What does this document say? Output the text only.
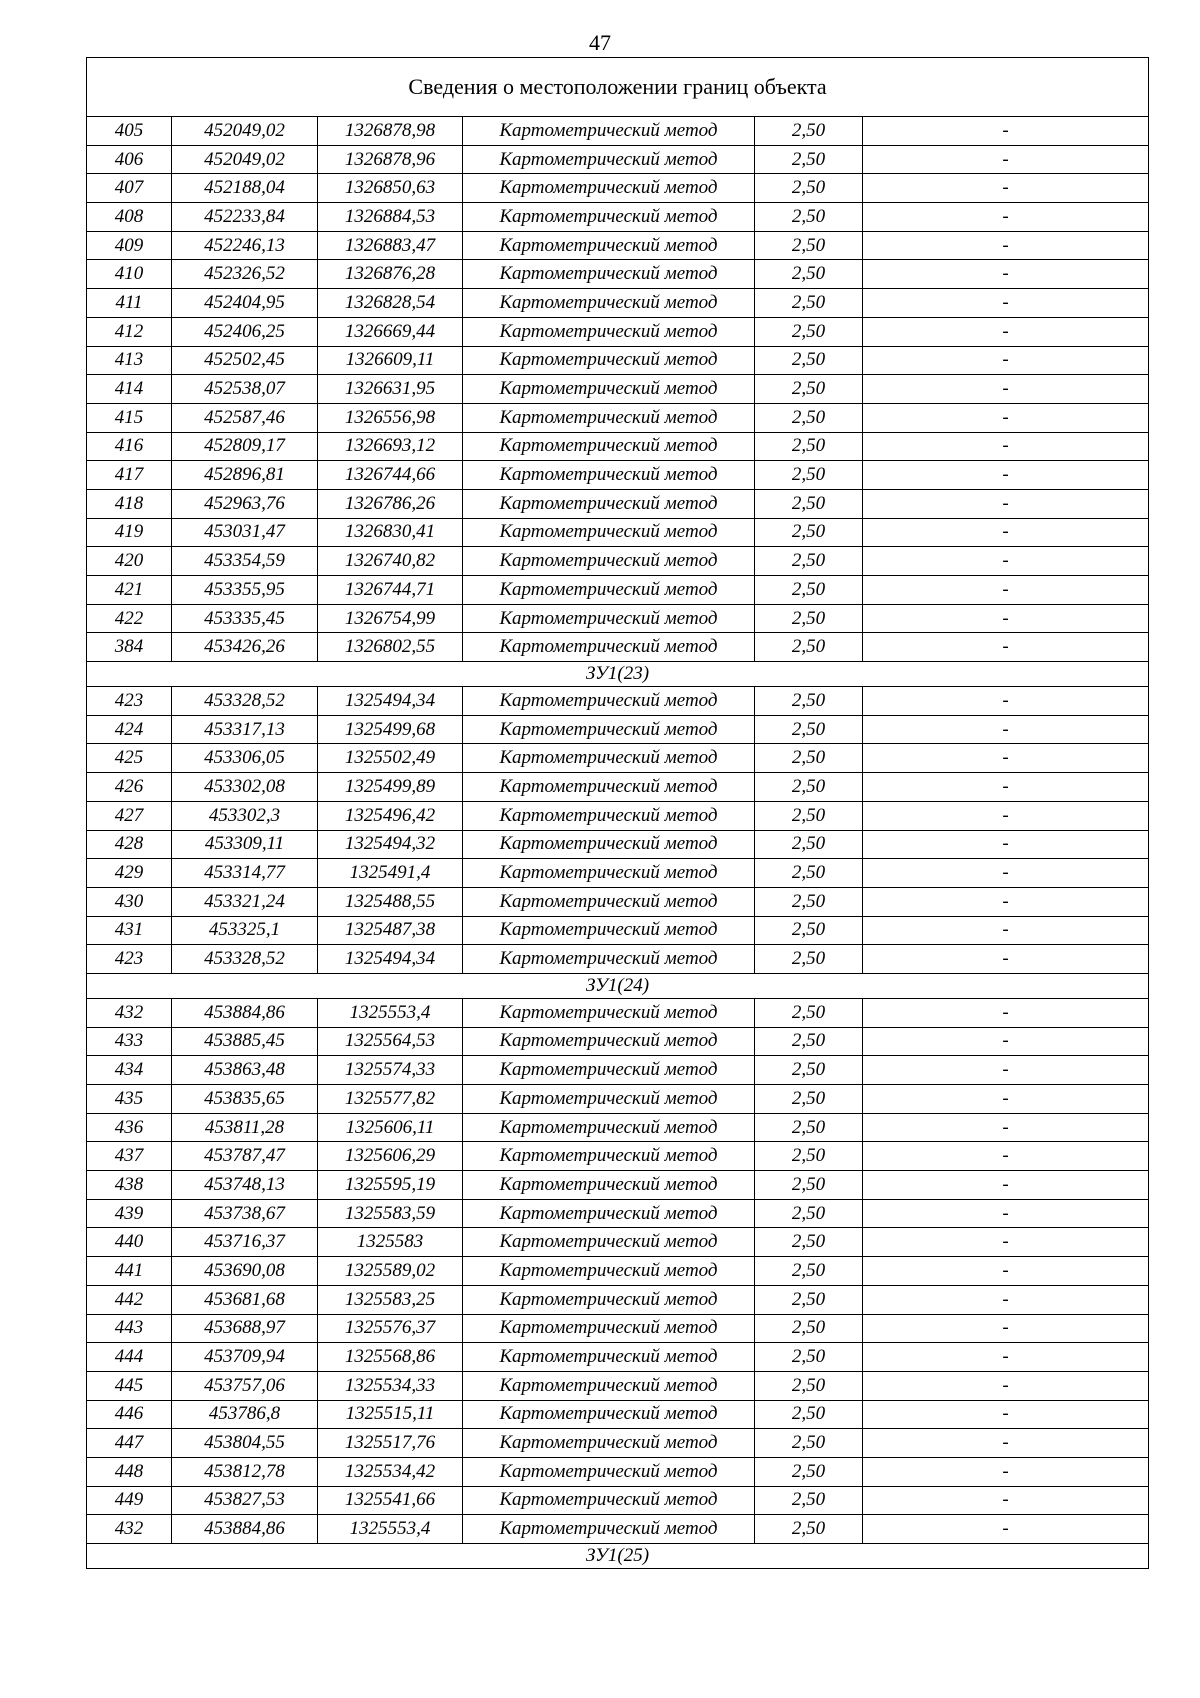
47
Сведения о местоположении границ объекта					
405	452049,02	1326878,98	Картометрический метод	2,50	-
406	452049,02	1326878,96	Картометрический метод	2,50	-
407	452188,04	1326850,63	Картометрический метод	2,50	-
408	452233,84	1326884,53	Картометрический метод	2,50	-
409	452246,13	1326883,47	Картометрический метод	2,50	-
410	452326,52	1326876,28	Картометрический метод	2,50	-
411	452404,95	1326828,54	Картометрический метод	2,50	-
412	452406,25	1326669,44	Картометрический метод	2,50	-
413	452502,45	1326609,11	Картометрический метод	2,50	-
414	452538,07	1326631,95	Картометрический метод	2,50	-
415	452587,46	1326556,98	Картометрический метод	2,50	-
416	452809,17	1326693,12	Картометрический метод	2,50	-
417	452896,81	1326744,66	Картометрический метод	2,50	-
418	452963,76	1326786,26	Картометрический метод	2,50	-
419	453031,47	1326830,41	Картометрический метод	2,50	-
420	453354,59	1326740,82	Картометрический метод	2,50	-
421	453355,95	1326744,71	Картометрический метод	2,50	-
422	453335,45	1326754,99	Картометрический метод	2,50	-
384	453426,26	1326802,55	Картометрический метод	2,50	-
ЗУ1(23)					
423	453328,52	1325494,34	Картометрический метод	2,50	-
424	453317,13	1325499,68	Картометрический метод	2,50	-
425	453306,05	1325502,49	Картометрический метод	2,50	-
426	453302,08	1325499,89	Картометрический метод	2,50	-
427	453302,3	1325496,42	Картометрический метод	2,50	-
428	453309,11	1325494,32	Картометрический метод	2,50	-
429	453314,77	1325491,4	Картометрический метод	2,50	-
430	453321,24	1325488,55	Картометрический метод	2,50	-
431	453325,1	1325487,38	Картометрический метод	2,50	-
423	453328,52	1325494,34	Картометрический метод	2,50	-
ЗУ1(24)					
432	453884,86	1325553,4	Картометрический метод	2,50	-
433	453885,45	1325564,53	Картометрический метод	2,50	-
434	453863,48	1325574,33	Картометрический метод	2,50	-
435	453835,65	1325577,82	Картометрический метод	2,50	-
436	453811,28	1325606,11	Картометрический метод	2,50	-
437	453787,47	1325606,29	Картометрический метод	2,50	-
438	453748,13	1325595,19	Картометрический метод	2,50	-
439	453738,67	1325583,59	Картометрический метод	2,50	-
440	453716,37	1325583	Картометрический метод	2,50	-
441	453690,08	1325589,02	Картометрический метод	2,50	-
442	453681,68	1325583,25	Картометрический метод	2,50	-
443	453688,97	1325576,37	Картометрический метод	2,50	-
444	453709,94	1325568,86	Картометрический метод	2,50	-
445	453757,06	1325534,33	Картометрический метод	2,50	-
446	453786,8	1325515,11	Картометрический метод	2,50	-
447	453804,55	1325517,76	Картометрический метод	2,50	-
448	453812,78	1325534,42	Картометрический метод	2,50	-
449	453827,53	1325541,66	Картометрический метод	2,50	-
432	453884,86	1325553,4	Картометрический метод	2,50	-
ЗУ1(25)					
